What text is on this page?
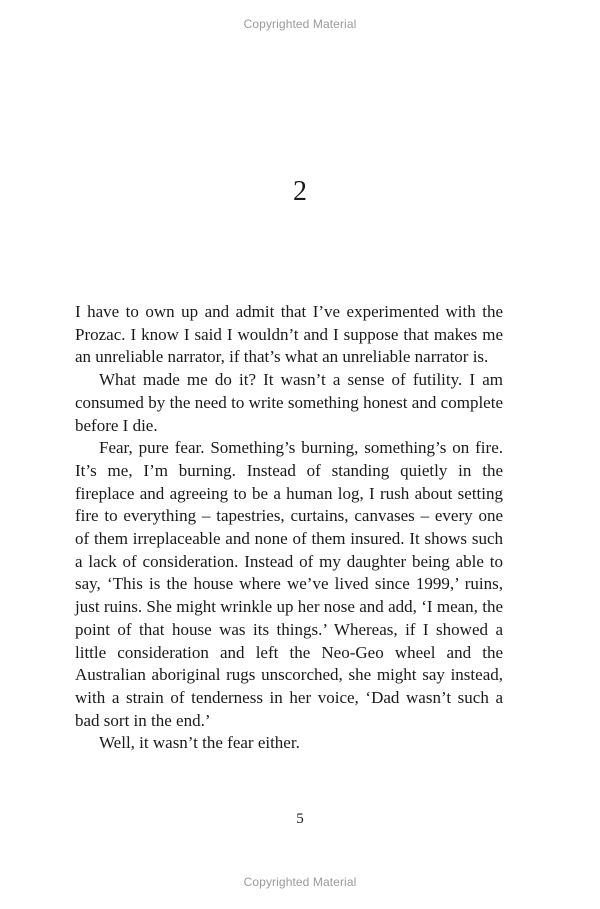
Copyrighted Material
2

I have to own up and admit that I’ve experimented with the Prozac. I know I said I wouldn’t and I suppose that makes me an unreliable narrator, if that’s what an unreliable narrator is.

What made me do it? It wasn’t a sense of futility. I am consumed by the need to write something honest and complete before I die.

Fear, pure fear. Something’s burning, something’s on fire. It’s me, I’m burning. Instead of standing quietly in the fireplace and agreeing to be a human log, I rush about setting fire to everything – tapestries, curtains, canvases – every one of them irreplaceable and none of them insured. It shows such a lack of consideration. Instead of my daughter being able to say, ‘This is the house where we’ve lived since 1999,’ ruins, just ruins. She might wrinkle up her nose and add, ‘I mean, the point of that house was its things.’ Whereas, if I showed a little consideration and left the Neo-Geo wheel and the Australian aboriginal rugs unscorched, she might say instead, with a strain of tenderness in her voice, ‘Dad wasn’t such a bad sort in the end.’

Well, it wasn’t the fear either.

5
Copyrighted Material
